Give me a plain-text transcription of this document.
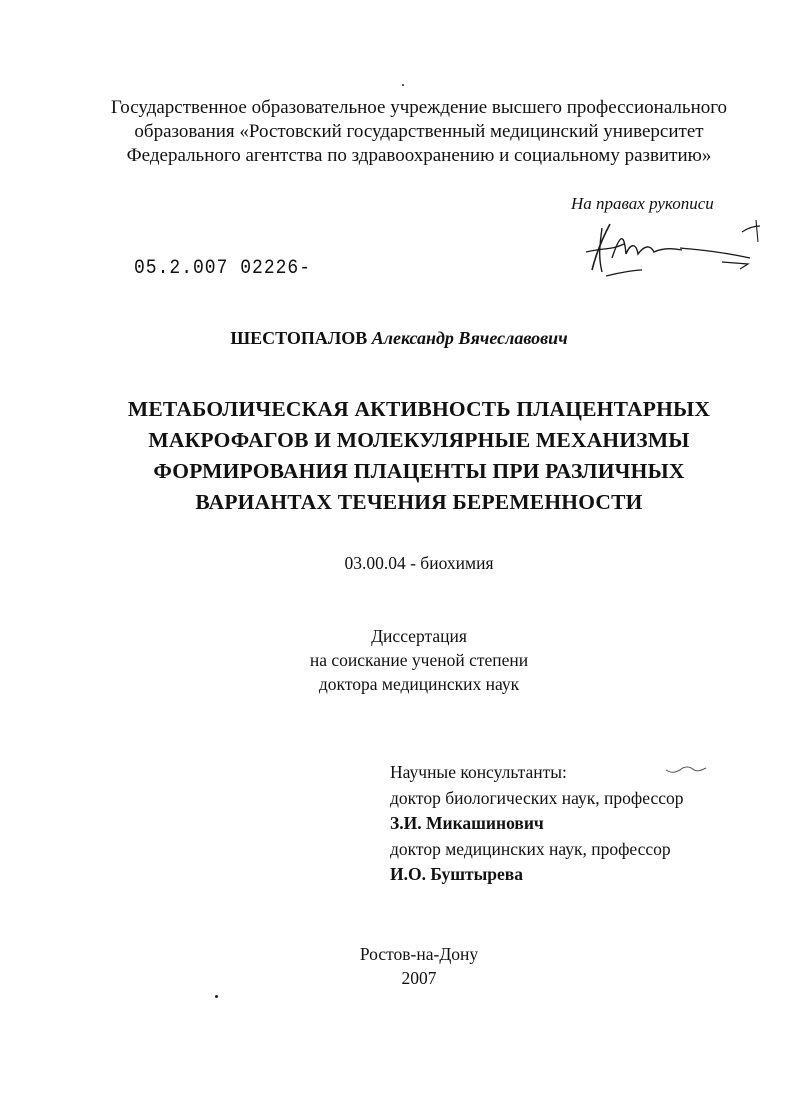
Государственное образовательное учреждение высшего профессионального
образования «Ростовский государственный медицинский университет
Федерального агентства по здравоохранению и социальному развитию»
На правах рукописи
05.2.007 02226-
ШЕСТОПАЛОВ Александр Вячеславович
МЕТАБОЛИЧЕСКАЯ АКТИВНОСТЬ ПЛАЦЕНТАРНЫХ
МАКРОФАГОВ И МОЛЕКУЛЯРНЫЕ МЕХАНИЗМЫ
ФОРМИРОВАНИЯ ПЛАЦЕНТЫ ПРИ РАЗЛИЧНЫХ
ВАРИАНТАХ ТЕЧЕНИЯ БЕРЕМЕННОСТИ
03.00.04 - биохимия
Диссертация
на соискание ученой степени
доктора медицинских наук
Научные консультанты:
доктор биологических наук, профессор
З.И. Микашинович
доктор медицинских наук, профессор
И.О. Буштырева
Ростов-на-Дону
2007
